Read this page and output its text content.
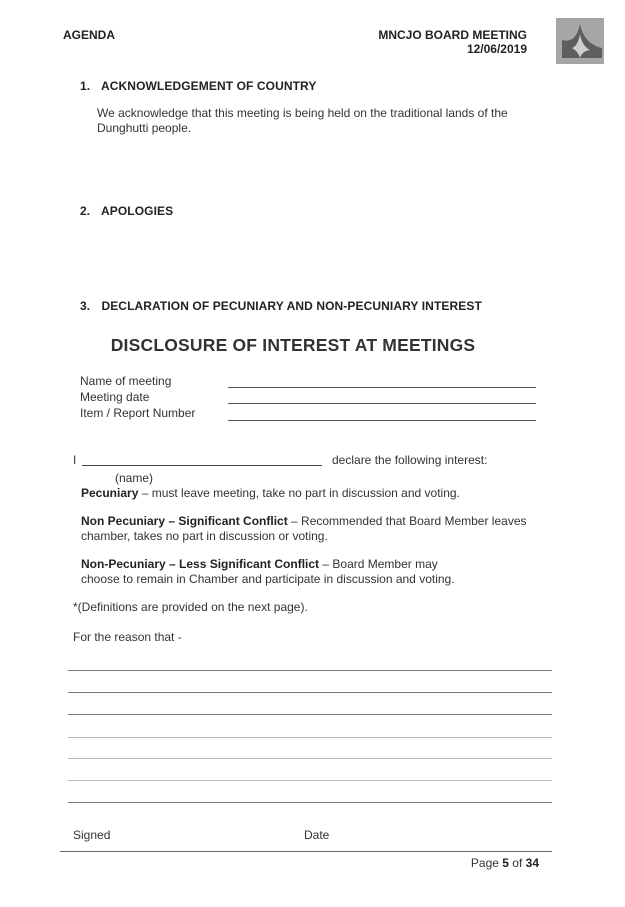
AGENDA	MNCJO BOARD MEETING
12/06/2019
1. ACKNOWLEDGEMENT OF COUNTRY
We acknowledge that this meeting is being held on the traditional lands of the
Dunghutti people.
2. APOLOGIES
3. DECLARATION OF PECUNIARY AND NON-PECUNIARY INTEREST
DISCLOSURE OF INTEREST AT MEETINGS
Name of meeting
Meeting date
Item / Report Number
I	declare the following interest:
(name)
Pecuniary – must leave meeting, take no part in discussion and voting.
Non Pecuniary – Significant Conflict – Recommended that Board Member leaves
chamber, takes no part in discussion or voting.
Non-Pecuniary – Less Significant Conflict – Board Member may
choose to remain in Chamber and participate in discussion and voting.
*(Definitions are provided on the next page).
For the reason that -
Signed	Date
Page 5 of 34
